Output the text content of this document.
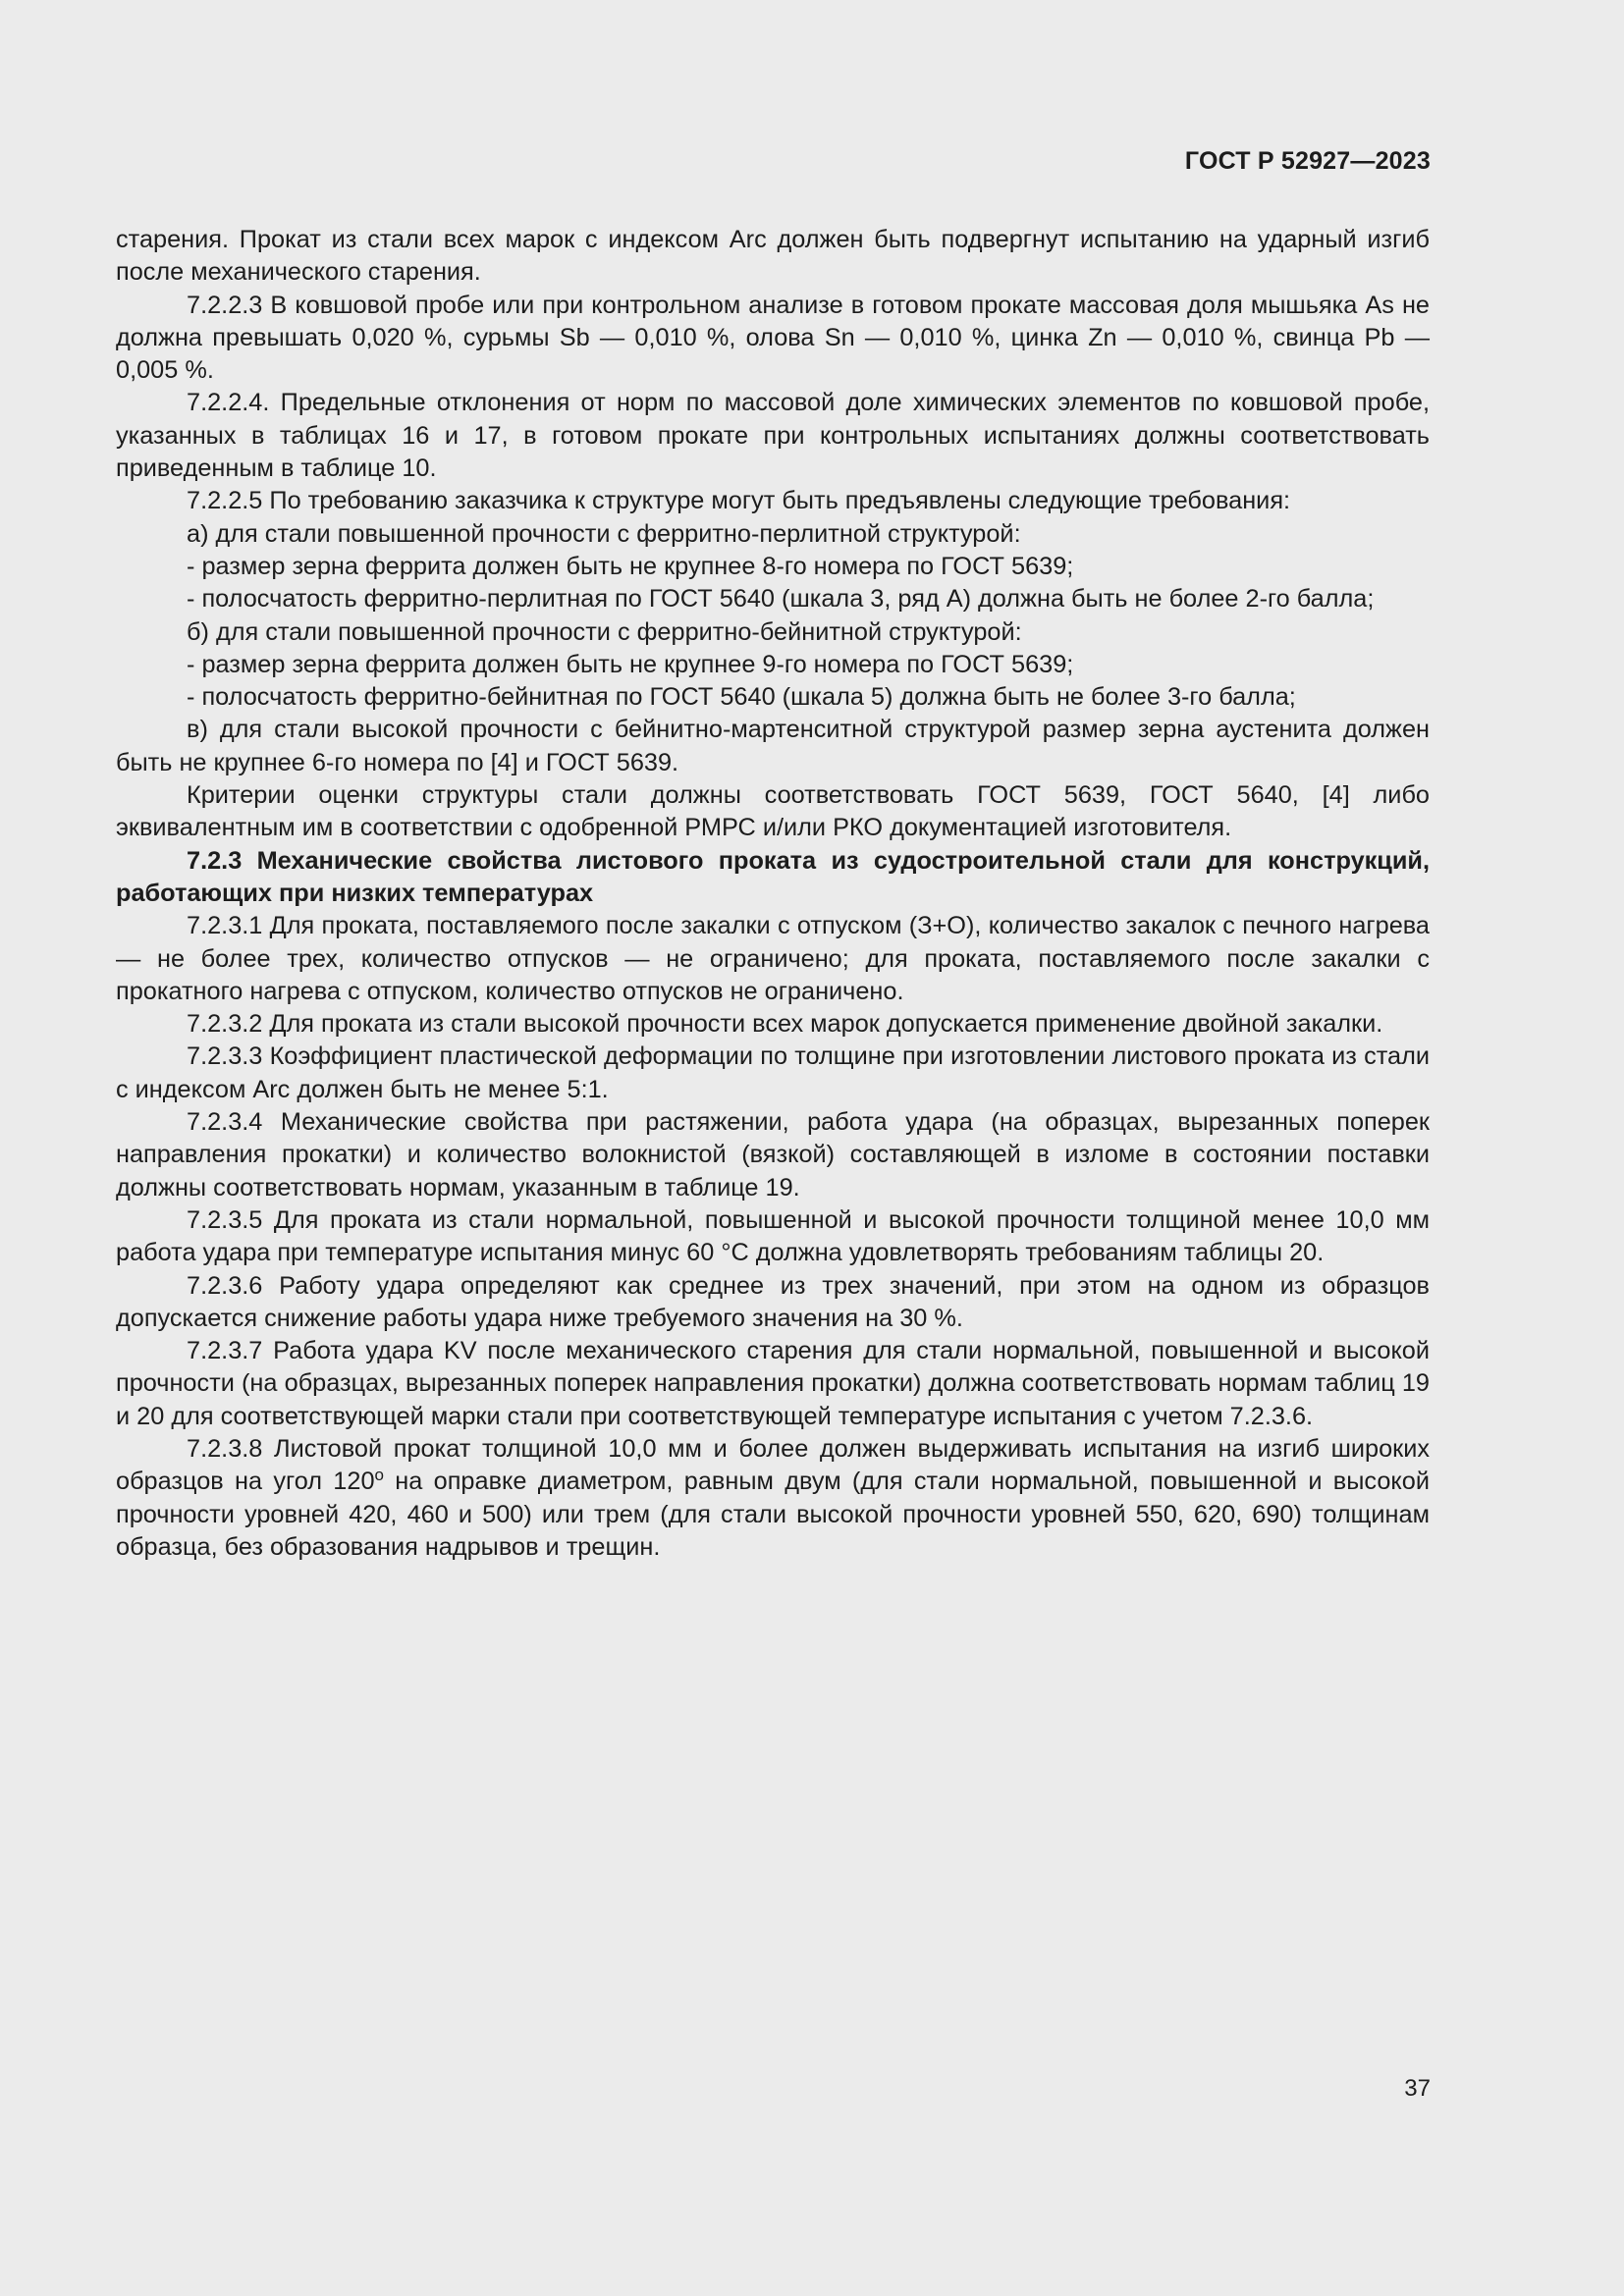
ГОСТ Р 52927—2023

старения. Прокат из стали всех марок с индексом Arc должен быть подвергнут испытанию на ударный изгиб после механического старения.

7.2.2.3 В ковшовой пробе или при контрольном анализе в готовом прокате массовая доля мышьяка As не должна превышать 0,020 %, сурьмы Sb — 0,010 %, олова Sn — 0,010 %, цинка Zn — 0,010 %, свинца Pb — 0,005 %.

7.2.2.4. Предельные отклонения от норм по массовой доле химических элементов по ковшовой пробе, указанных в таблицах 16 и 17, в готовом прокате при контрольных испытаниях должны соответствовать приведенным в таблице 10.

7.2.2.5 По требованию заказчика к структуре могут быть предъявлены следующие требования:

а) для стали повышенной прочности с ферритно-перлитной структурой:

- размер зерна феррита должен быть не крупнее 8-го номера по ГОСТ 5639;

- полосчатость ферритно-перлитная по ГОСТ 5640 (шкала 3, ряд А) должна быть не более 2-го балла;

б) для стали повышенной прочности с ферритно-бейнитной структурой:

- размер зерна феррита должен быть не крупнее 9-го номера по ГОСТ 5639;

- полосчатость ферритно-бейнитная по ГОСТ 5640 (шкала 5) должна быть не более 3-го балла;

в) для стали высокой прочности с бейнитно-мартенситной структурой размер зерна аустенита должен быть не крупнее 6-го номера по [4] и ГОСТ 5639.

Критерии оценки структуры стали должны соответствовать ГОСТ 5639, ГОСТ 5640, [4] либо эквивалентным им в соответствии с одобренной РМРС и/или РКО документацией изготовителя.

7.2.3 Механические свойства листового проката из судостроительной стали для конструкций, работающих при низких температурах

7.2.3.1 Для проката, поставляемого после закалки с отпуском (З+О), количество закалок с печного нагрева — не более трех, количество отпусков — не ограничено; для проката, поставляемого после закалки с прокатного нагрева с отпуском, количество отпусков не ограничено.

7.2.3.2 Для проката из стали высокой прочности всех марок допускается применение двойной закалки.

7.2.3.3 Коэффициент пластической деформации по толщине при изготовлении листового проката из стали с индексом Arc должен быть не менее 5:1.

7.2.3.4 Механические свойства при растяжении, работа удара (на образцах, вырезанных поперек направления прокатки) и количество волокнистой (вязкой) составляющей в изломе в состоянии поставки должны соответствовать нормам, указанным в таблице 19.

7.2.3.5 Для проката из стали нормальной, повышенной и высокой прочности толщиной менее 10,0 мм работа удара при температуре испытания минус 60 °С должна удовлетворять требованиям таблицы 20.

7.2.3.6 Работу удара определяют как среднее из трех значений, при этом на одном из образцов допускается снижение работы удара ниже требуемого значения на 30 %.

7.2.3.7 Работа удара KV после механического старения для стали нормальной, повышенной и высокой прочности (на образцах, вырезанных поперек направления прокатки) должна соответствовать нормам таблиц 19 и 20 для соответствующей марки стали при соответствующей температуре испытания с учетом 7.2.3.6.

7.2.3.8 Листовой прокат толщиной 10,0 мм и более должен выдерживать испытания на изгиб широких образцов на угол $120^о$ на оправке диаметром, равным двум (для стали нормальной, повышенной и высокой прочности уровней 420, 460 и 500) или трем (для стали высокой прочности уровней 550, 620, 690) толщинам образца, без образования надрывов и трещин.

37
